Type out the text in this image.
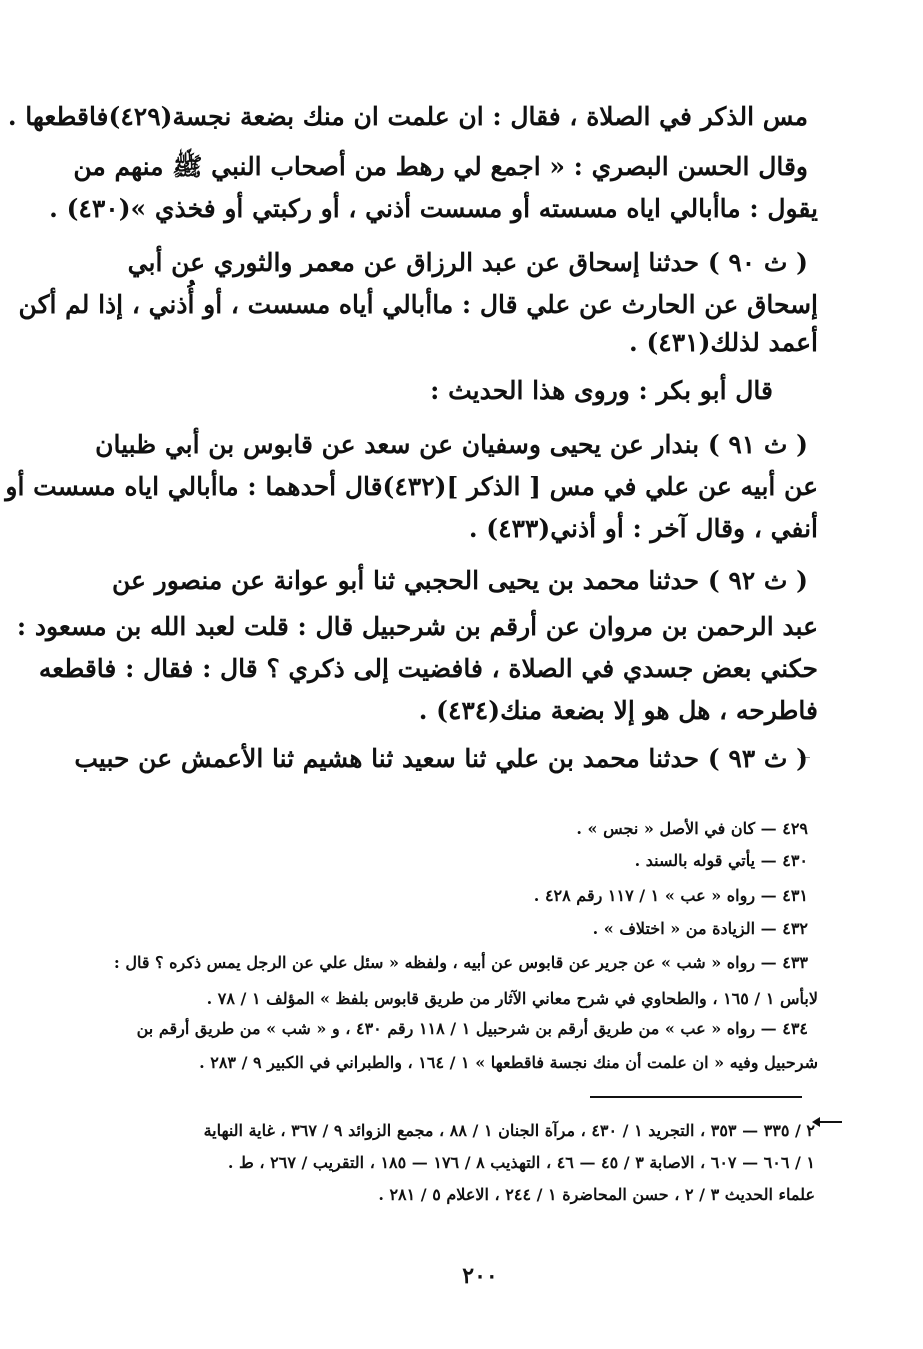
مس الذكر في الصلاة ، فقال : ان علمت ان منك بضعة نجسة(٤٢٩)فاقطعها .
وقال الحسن البصري : « اجمع لي رهط من أصحاب النبي ﷺ منهم من
يقول : ماأبالي اياه مسسته أو مسست أذني ، أو ركبتي أو فخذي »(٤٣٠) .
( ث ٩٠ ) حدثنا إسحاق عن عبد الرزاق عن معمر والثوري عن أبي
إسحاق عن الحارث عن علي قال : ماأبالي أياه مسست ، أو أُذني ، إذا لم أكن
أعمد لذلك(٤٣١) .
قال أبو بكر : وروى هذا الحديث :
( ث ٩١ ) بندار عن يحيى وسفيان عن سعد عن قابوس بن أبي ظبيان
عن أبيه عن علي في مس [ الذكر ](٤٣٢)قال أحدهما : ماأبالي اياه مسست أو
أنفي ، وقال آخر : أو أذني(٤٣٣) .
( ث ٩٢ ) حدثنا محمد بن يحيى الحجبي ثنا أبو عوانة عن منصور عن
عبد الرحمن بن مروان عن أرقم بن شرحبيل قال : قلت لعبد الله بن مسعود :
حكني بعض جسدي في الصلاة ، فافضيت إلى ذكري ؟ قال : فقال : فاقطعه
فاطرحه ، هل هو إلا بضعة منك(٤٣٤) .
( ث ٩٣ ) حدثنا محمد بن علي ثنا سعيد ثنا هشيم ثنا الأعمش عن حبيب
٤٢٩ — كان في الأصل « نجس » .
٤٣٠ — يأتي قوله بالسند .
٤٣١ — رواه « عب » ١ / ١١٧ رقم ٤٢٨ .
٤٣٢ — الزيادة من « اختلاف » .
٤٣٣ — رواه « شب » عن جرير عن قابوس عن أبيه ، ولفظه « سئل علي عن الرجل يمس ذكره ؟ قال :
لابأس ١ / ١٦٥ ، والطحاوي في شرح معاني الآثار من طريق قابوس بلفظ » المؤلف ١ / ٧٨ .
٤٣٤ — رواه « عب » من طريق أرقم بن شرحبيل ١ / ١١٨ رقم ٤٣٠ ، و « شب » من طريق أرقم بن
شرحبيل وفيه « ان علمت أن منك نجسة فاقطعها » ١ / ١٦٤ ، والطبراني في الكبير ٩ / ٢٨٣ .
٢ / ٣٣٥ — ٣٥٣ ، التجريد ١ / ٤٣٠ ، مرآة الجنان ١ / ٨٨ ، مجمع الزوائد ٩ / ٣٦٧ ، غاية النهاية
١ / ٦٠٦ — ٦٠٧ ، الاصابة ٣ / ٤٥ — ٤٦ ، التهذيب ٨ / ١٧٦ — ١٨٥ ، التقريب / ٢٦٧ ، ط .
علماء الحديث ٣ / ٢ ، حسن المحاضرة ١ / ٢٤٤ ، الاعلام ٥ / ٢٨١ .
٢٠٠
